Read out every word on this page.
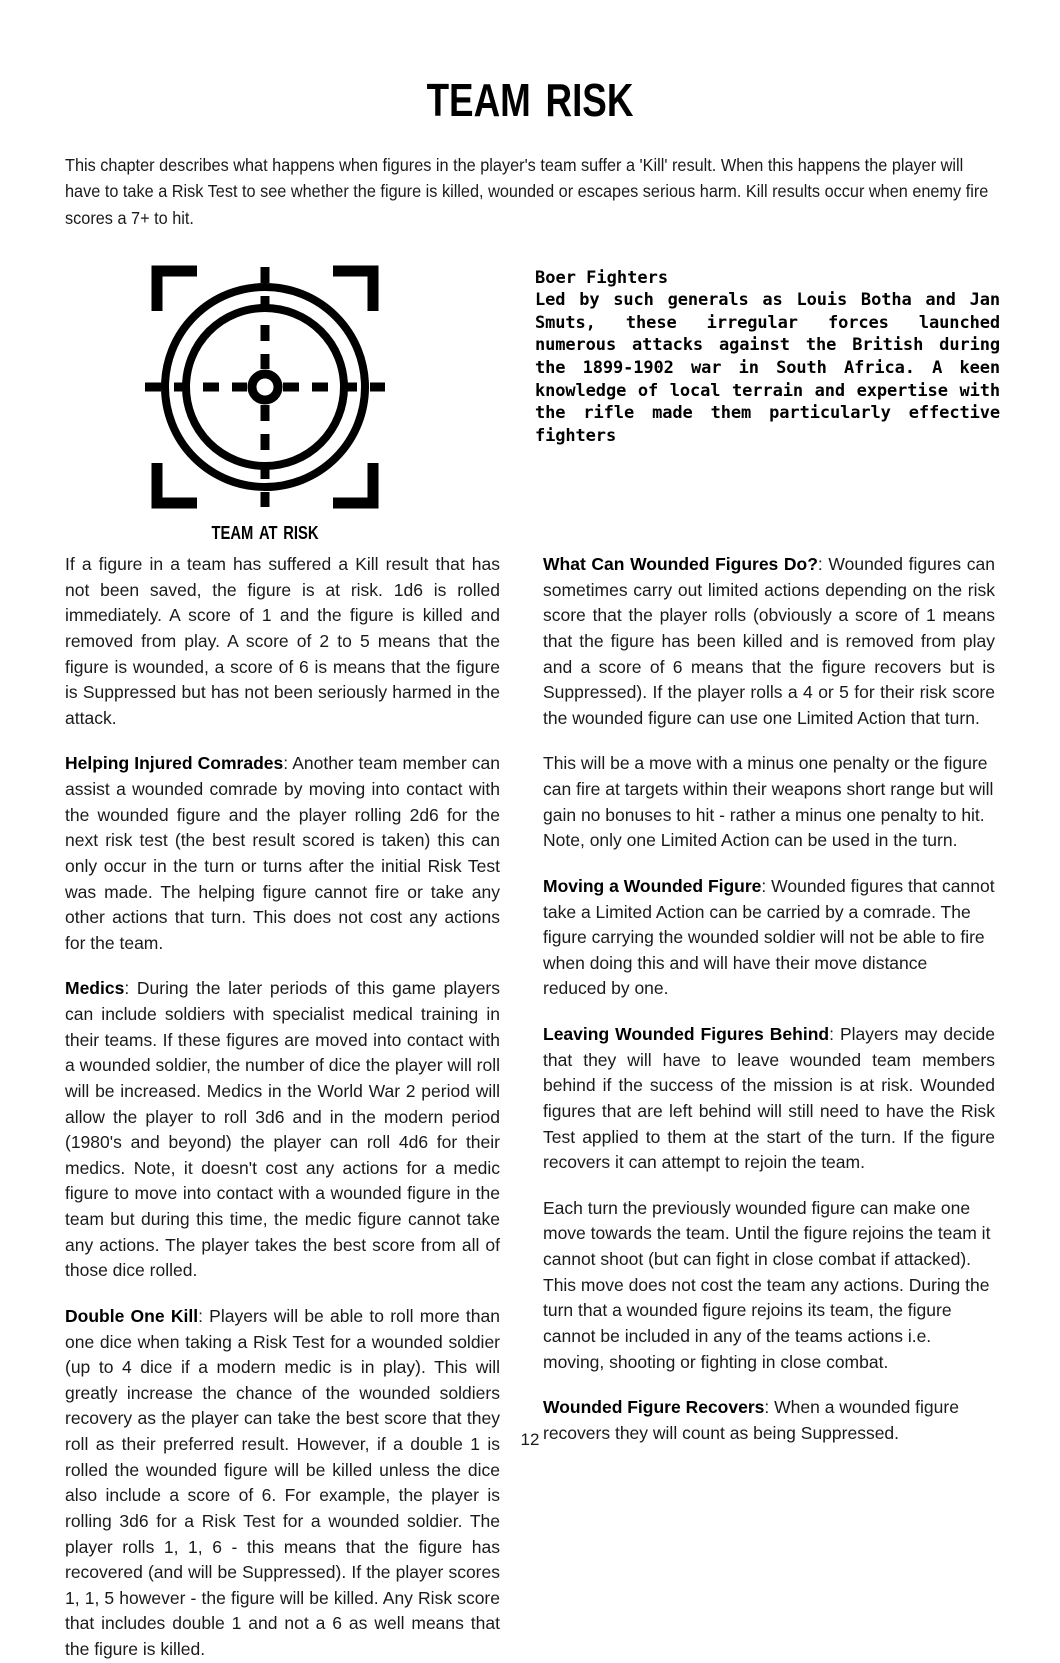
team risk

This chapter describes what happens when figures in the player's team suffer a 'Kill' result. When this happens the player will have to take a Risk Test to see whether the figure is killed, wounded or escapes serious harm. Kill results occur when enemy fire scores a 7+ to hit.

team at risk
Boer Fighters
Led by such generals as Louis Botha and Jan Smuts, these irregular forces launched numerous attacks against the British during the 1899-1902 war in South Africa. A keen knowledge of local terrain and expertise with the rifle made them particularly effective fighters

If a figure in a team has suffered a Kill result that has not been saved, the figure is at risk. 1d6 is rolled immediately. A score of 1 and the figure is killed and removed from play. A score of 2 to 5 means that the figure is wounded, a score of 6 is means that the figure is Suppressed but has not been seriously harmed in the attack.

Helping Injured Comrades: Another team member can assist a wounded comrade by moving into contact with the wounded figure and the player rolling 2d6 for the next risk test (the best result scored is taken) this can only occur in the turn or turns after the initial Risk Test was made. The helping figure cannot fire or take any other actions that turn. This does not cost any actions for the team.

Medics: During the later periods of this game players can include soldiers with specialist medical training in their teams. If these figures are moved into contact with a wounded soldier, the number of dice the player will roll will be increased. Medics in the World War 2 period will allow the player to roll 3d6 and in the modern period (1980's and beyond) the player can roll 4d6 for their medics. Note, it doesn't cost any actions for a medic figure to move into contact with a wounded figure in the team but during this time, the medic figure cannot take any actions. The player takes the best score from all of those dice rolled.

Double One Kill: Players will be able to roll more than one dice when taking a Risk Test for a wounded soldier (up to 4 dice if a modern medic is in play). This will greatly increase the chance of the wounded soldiers recovery as the player can take the best score that they roll as their preferred result. However, if a double 1 is rolled the wounded figure will be killed unless the dice also include a score of 6. For example, the player is rolling 3d6 for a Risk Test for a wounded soldier. The player rolls 1, 1, 6 - this means that the figure has recovered (and will be Suppressed). If the player scores 1, 1, 5 however - the figure will be killed. Any Risk score that includes double 1 and not a 6 as well means that the figure is killed.

What Can Wounded Figures Do?: Wounded figures can sometimes carry out limited actions depending on the risk score that the player rolls (obviously a score of 1 means that the figure has been killed and is removed from play and a score of 6 means that the figure recovers but is Suppressed). If the player rolls a 4 or 5 for their risk score the wounded figure can use one Limited Action that turn.

This will be a move with a minus one penalty or the figure can fire at targets within their weapons short range but will gain no bonuses to hit - rather a minus one penalty to hit. Note, only one Limited Action can be used in the turn.

Moving a Wounded Figure: Wounded figures that cannot take a Limited Action can be carried by a comrade. The figure carrying the wounded soldier will not be able to fire when doing this and will have their move distance reduced by one.

Leaving Wounded Figures Behind: Players may decide that they will have to leave wounded team members behind if the success of the mission is at risk. Wounded figures that are left behind will still need to have the Risk Test applied to them at the start of the turn. If the figure recovers it can attempt to rejoin the team.

Each turn the previously wounded figure can make one move towards the team. Until the figure rejoins the team it cannot shoot (but can fight in close combat if attacked). This move does not cost the team any actions. During the turn that a wounded figure rejoins its team, the figure cannot be included in any of the teams actions i.e. moving, shooting or fighting in close combat.

Wounded Figure Recovers: When a wounded figure recovers they will count as being Suppressed.

12
